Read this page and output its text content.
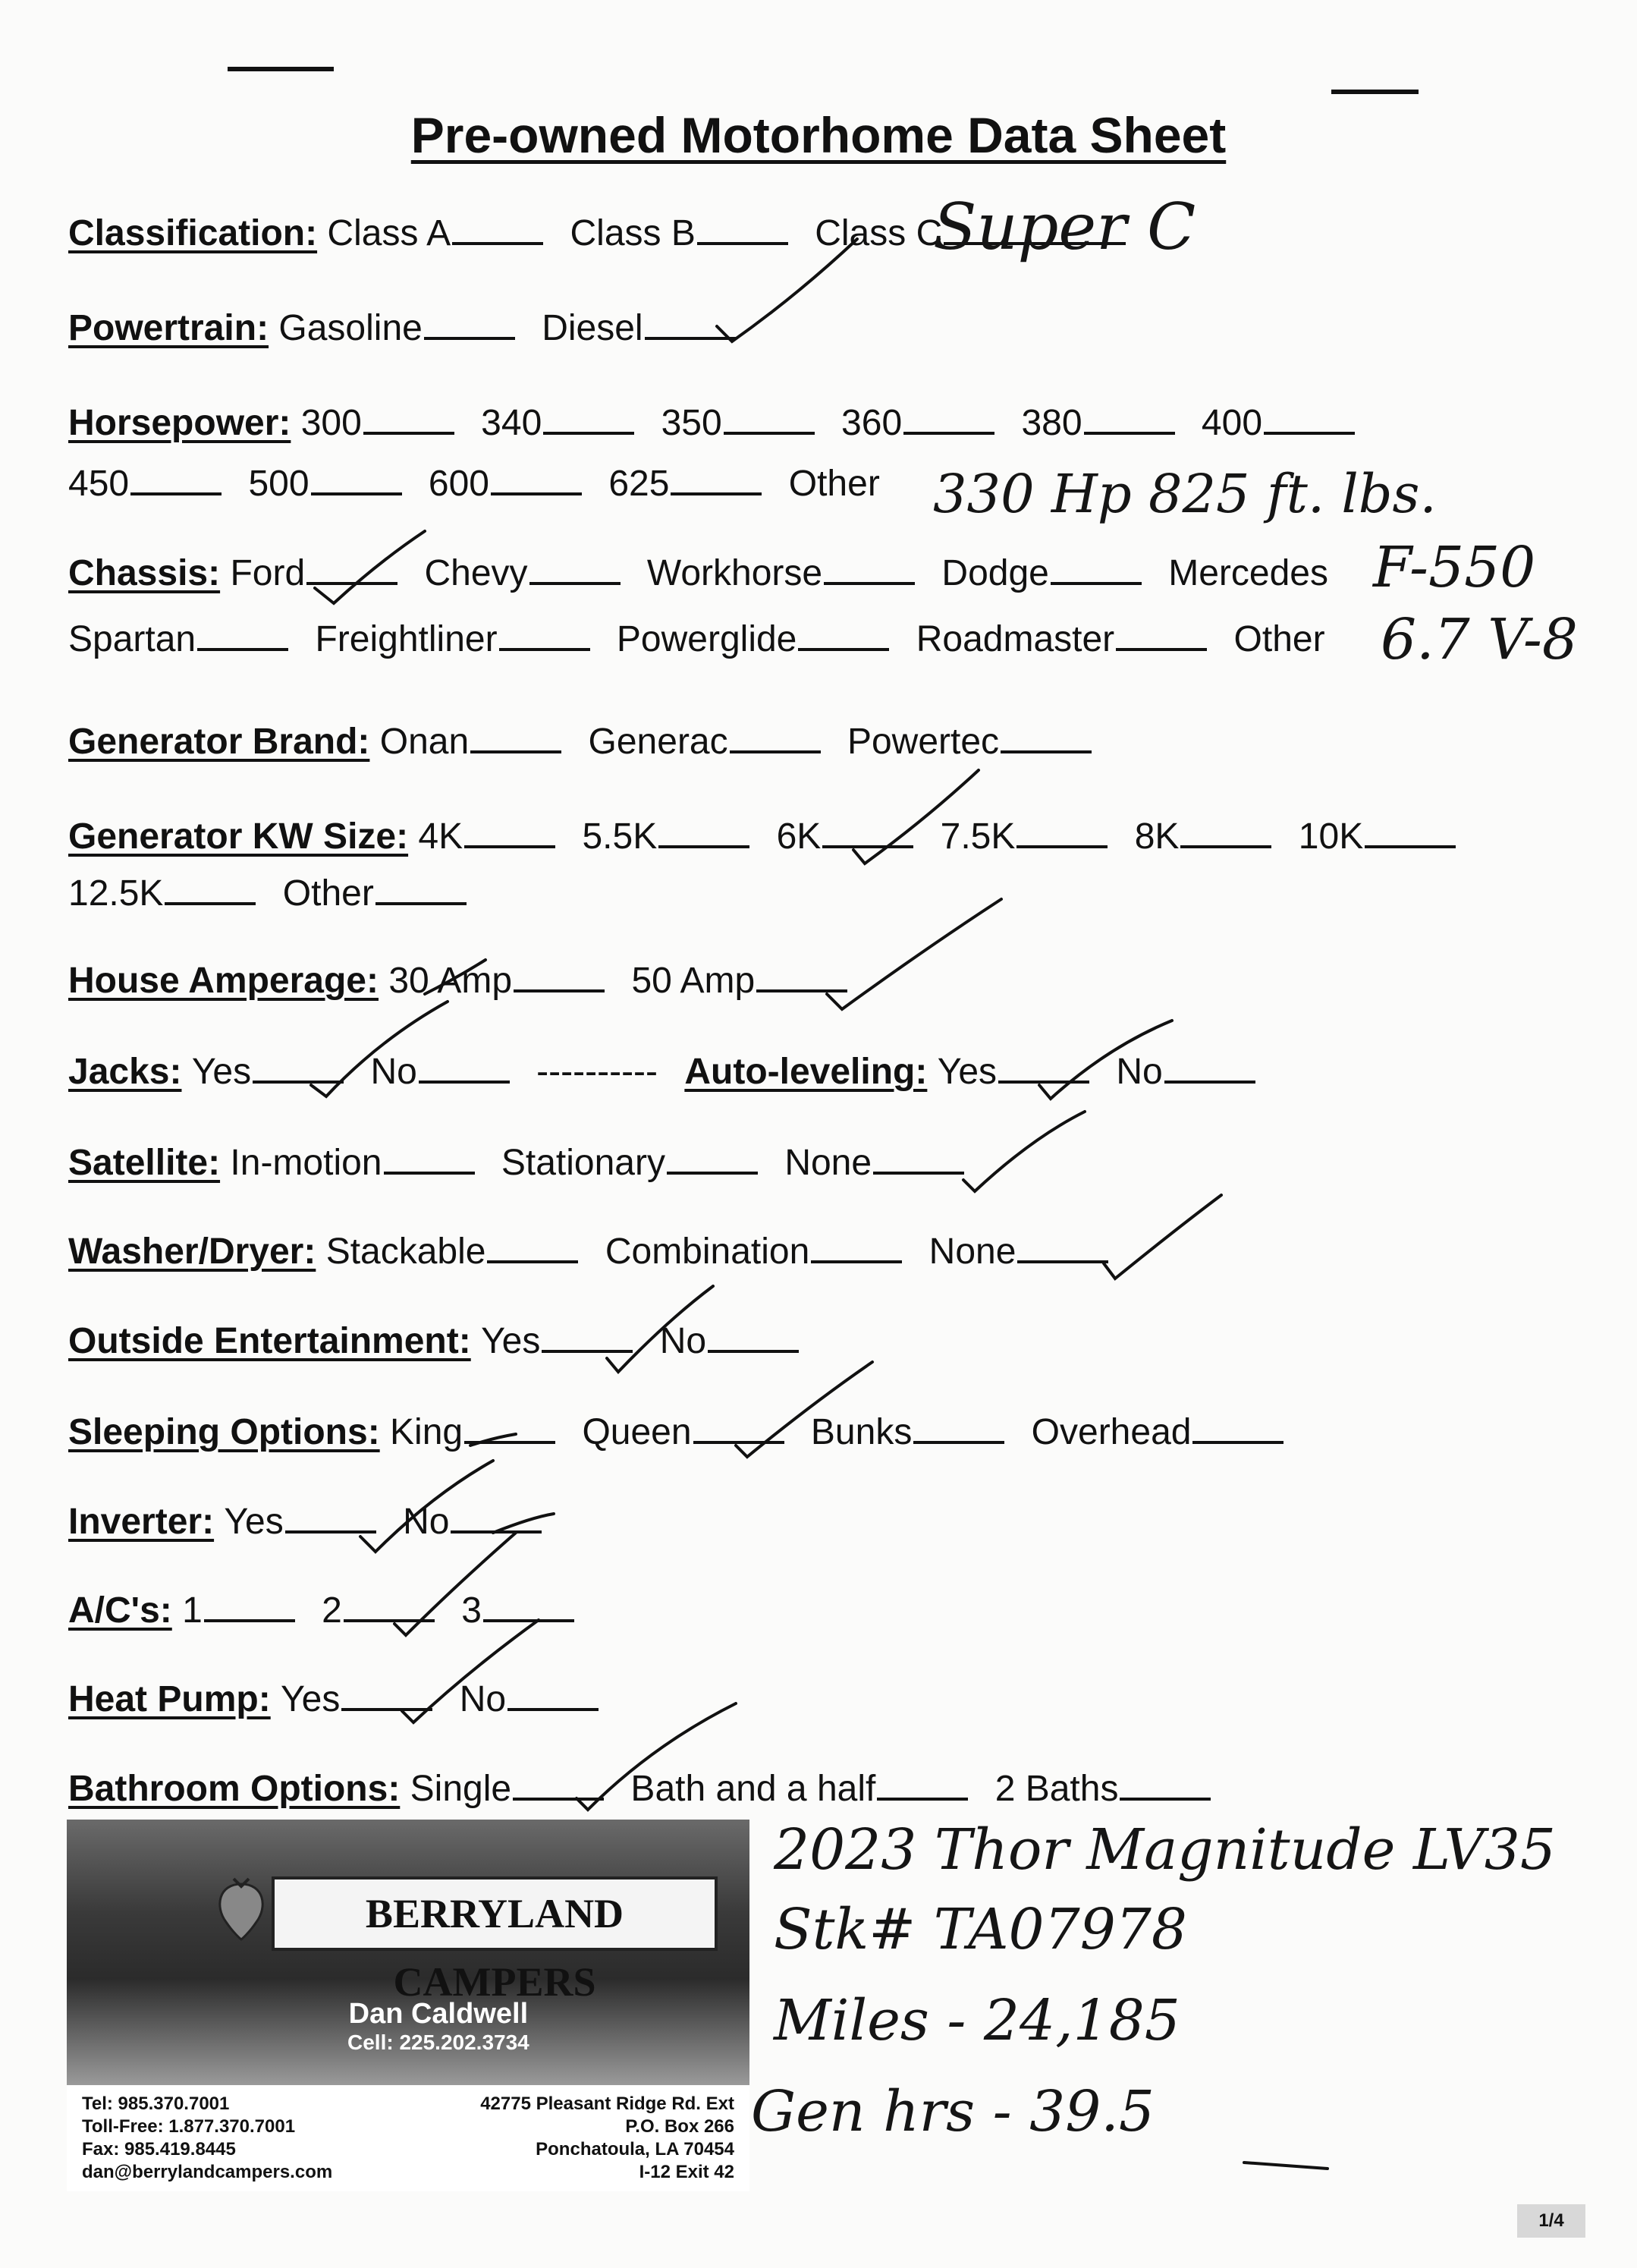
Pre-owned Motorhome Data Sheet
Classification: Class A	Class B	Class C
Super C
Powertrain: Gasoline	Diesel
Horsepower: 300	340	350	360	380	400
450	500	600	625	Other	330 Hp 825 ft. lbs.
Chassis: Ford	Chevy	Workhorse	Dodge	Mercedes
Spartan	Freightliner	Powerglide	Roadmaster	Other
F-550
6.7 V-8
Generator Brand: Onan	Generac	Powertec
Generator KW Size: 4K	5.5K	6K	7.5K	8K	10K
12.5K	Other
House Amperage: 30 Amp	50 Amp
Jacks: Yes	No	---------- Auto-leveling: Yes	No
Satellite: In-motion	Stationary	None
Washer/Dryer: Stackable	Combination	None
Outside Entertainment: Yes	No
Sleeping Options: King	Queen	Bunks	Overhead
Inverter: Yes	No
A/C's: 1	2	3
Heat Pump: Yes	No
Bathroom Options: Single	Bath and a half	2 Baths
2023 Thor Magnitude LV35
Stk# TA07978
Miles - 24,185
Gen hrs - 39.5
BERRYLAND CAMPERS
Dan Caldwell
Cell: 225.202.3734
Tel: 985.370.7001
Toll-Free: 1.877.370.7001
Fax: 985.419.8445
dan@berrylandcampers.com
42775 Pleasant Ridge Rd. Ext
P.O. Box 266
Ponchatoula, LA 70454
I-12 Exit 42
1/4
